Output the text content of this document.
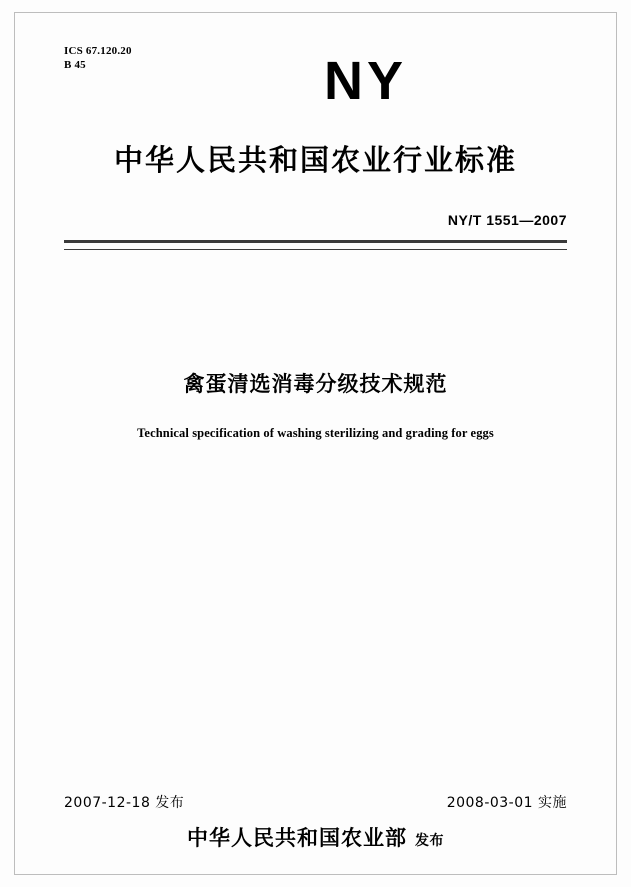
ICS 67.120.20
B 45	NY
中华人民共和国农业行业标准
NY/T 1551—2007
禽蛋清选消毒分级技术规范
Technical specification of washing sterilizing and grading for eggs
2007-12-18 发布	2008-03-01 实施
中华人民共和国农业部 发布
